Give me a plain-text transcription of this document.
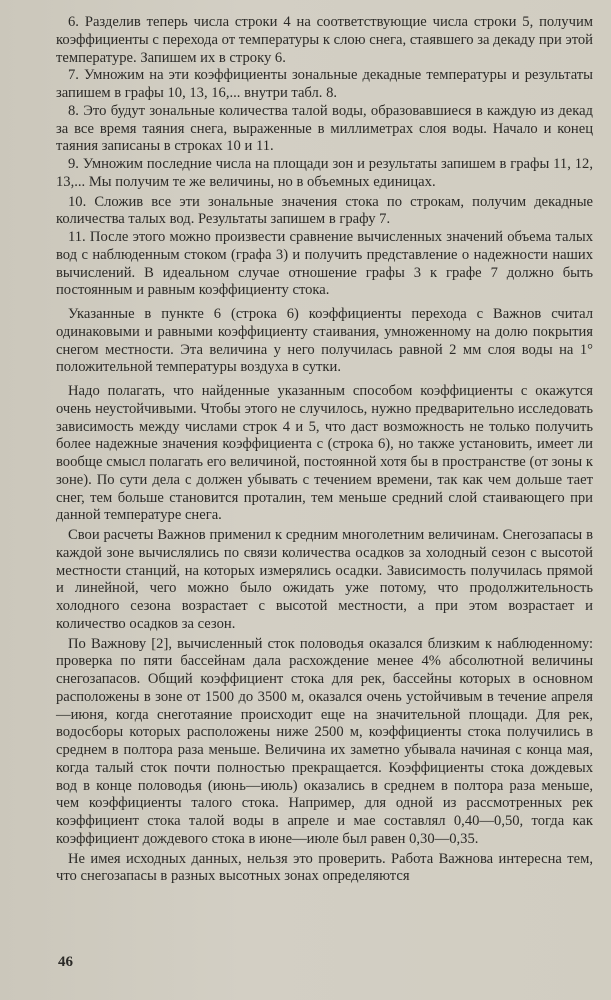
6. Разделив теперь числа строки 4 на соответствующие числа строки 5, получим коэффициенты c перехода от температуры к слою снега, стаявшего за декаду при этой температуре. Запишем их в строку 6.

7. Умножим на эти коэффициенты зональные декадные температуры и результаты запишем в графы 10, 13, 16,... внутри табл. 8.

8. Это будут зональные количества талой воды, образовавшиеся в каждую из декад за все время таяния снега, выраженные в миллиметрах слоя воды. Начало и конец таяния записаны в строках 10 и 11.

9. Умножим последние числа на площади зон и результаты запишем в графы 11, 12, 13,... Мы получим те же величины, но в объемных единицах.

10. Сложив все эти зональные значения стока по строкам, получим декадные количества талых вод. Результаты запишем в графу 7.

11. После этого можно произвести сравнение вычисленных значений объема талых вод с наблюденным стоком (графа 3) и получить представление о надежности наших вычислений. В идеальном случае отношение графы 3 к графе 7 должно быть постоянным и равным коэффициенту стока.

Указанные в пункте 6 (строка 6) коэффициенты перехода c Важнов считал одинаковыми и равными коэффициенту стаивания, умноженному на долю покрытия снегом местности. Эта величина у него получилась равной 2 мм слоя воды на 1° положительной температуры воздуха в сутки.

Надо полагать, что найденные указанным способом коэффициенты c окажутся очень неустойчивыми. Чтобы этого не случилось, нужно предварительно исследовать зависимость между числами строк 4 и 5, что даст возможность не только получить более надежные значения коэффициента c (строка 6), но также установить, имеет ли вообще смысл полагать его величиной, постоянной хотя бы в пространстве (от зоны к зоне). По сути дела c должен убывать с течением времени, так как чем дольше тает снег, тем больше становится проталин, тем меньше средний слой стаивающего при данной температуре снега.

Свои расчеты Важнов применил к средним многолетним величинам. Снегозапасы в каждой зоне вычислялись по связи количества осадков за холодный сезон с высотой местности станций, на которых измерялись осадки. Зависимость получилась прямой и линейной, чего можно было ожидать уже потому, что продолжительность холодного сезона возрастает с высотой местности, а при этом возрастает и количество осадков за сезон.

По Важнову [2], вычисленный сток половодья оказался близким к наблюденному: проверка по пяти бассейнам дала расхождение менее 4% абсолютной величины снегозапасов. Общий коэффициент стока для рек, бассейны которых в основном расположены в зоне от 1500 до 3500 м, оказался очень устойчивым в течение апреля—июня, когда снеготаяние происходит еще на значительной площади. Для рек, водосборы которых расположены ниже 2500 м, коэффициенты стока получились в среднем в полтора раза меньше. Величина их заметно убывала начиная с конца мая, когда талый сток почти полностью прекращается. Коэффициенты стока дождевых вод в конце половодья (июнь—июль) оказались в среднем в полтора раза меньше, чем коэффициенты талого стока. Например, для одной из рассмотренных рек коэффициент стока талой воды в апреле и мае составлял 0,40—0,50, тогда как коэффициент дождевого стока в июне—июле был равен 0,30—0,35.

Не имея исходных данных, нельзя это проверить. Работа Важнова интересна тем, что снегозапасы в разных высотных зонах определяются

46
